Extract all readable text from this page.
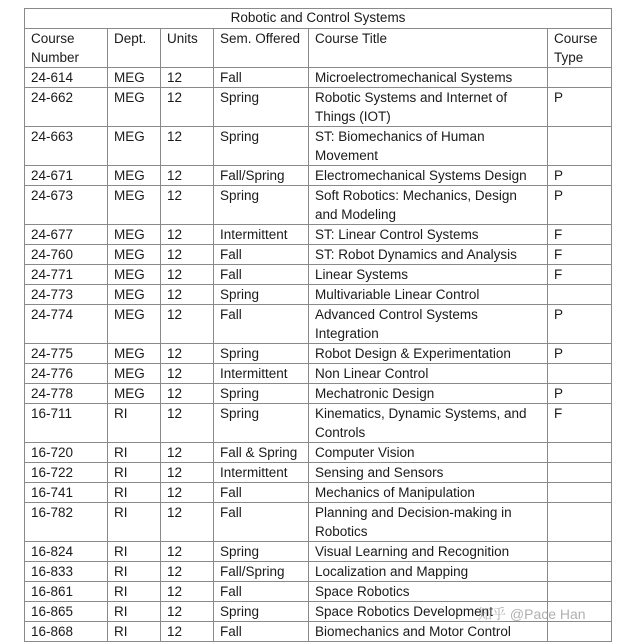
Robotic and Control Systems					
Course Number	Dept.	Units	Sem. Offered	Course Title	Course Type
24-614	MEG	12	Fall	Microelectromechanical Systems	
24-662	MEG	12	Spring	Robotic Systems and Internet of Things (IOT)	P
24-663	MEG	12	Spring	ST: Biomechanics of Human Movement	
24-671	MEG	12	Fall/Spring	Electromechanical Systems Design	P
24-673	MEG	12	Spring	Soft Robotics: Mechanics, Design and Modeling	P
24-677	MEG	12	Intermittent	ST: Linear Control Systems	F
24-760	MEG	12	Fall	ST: Robot Dynamics and Analysis	F
24-771	MEG	12	Fall	Linear Systems	F
24-773	MEG	12	Spring	Multivariable Linear Control	
24-774	MEG	12	Fall	Advanced Control Systems Integration	P
24-775	MEG	12	Spring	Robot Design & Experimentation	P
24-776	MEG	12	Intermittent	Non Linear Control	
24-778	MEG	12	Spring	Mechatronic Design	P
16-711	RI	12	Spring	Kinematics, Dynamic Systems, and Controls	F
16-720	RI	12	Fall & Spring	Computer Vision	
16-722	RI	12	Intermittent	Sensing and Sensors	
16-741	RI	12	Fall	Mechanics of Manipulation	
16-782	RI	12	Fall	Planning and Decision-making in Robotics	
16-824	RI	12	Spring	Visual Learning and Recognition	
16-833	RI	12	Fall/Spring	Localization and Mapping	
16-861	RI	12	Fall	Space Robotics	
16-865	RI	12	Spring	Space Robotics Development	
16-868	RI	12	Fall	Biomechanics and Motor Control	
知乎 @Pace Han
